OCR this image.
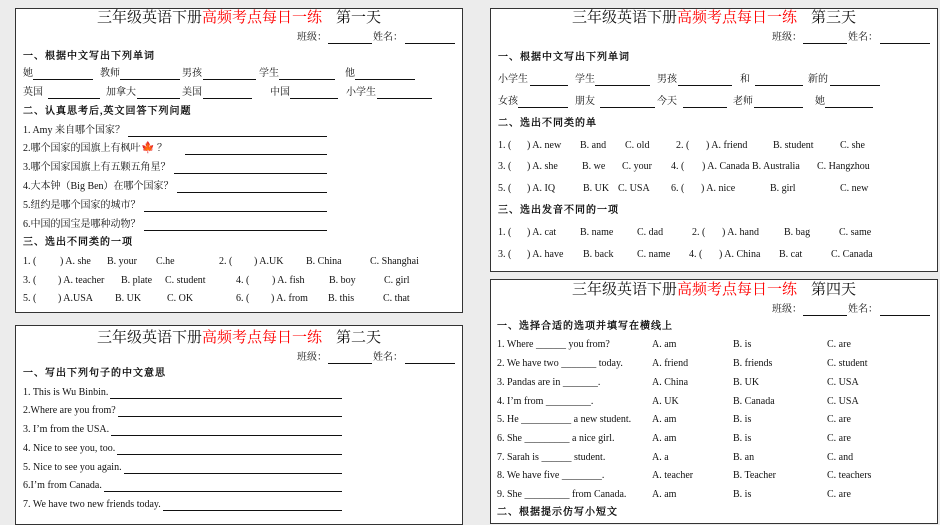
三年级英语下册高频考点每日一练 第一天
班级：	姓名：
一、根据中文写出下列单词
她	教师	男孩	学生	他
英国	加拿大	美国	中国	小学生
二、认真思考后,英文回答下列问题
1. Amy 来自哪个国家？
2.哪个国家的国旗上有枫叶 🍁 ？
3.哪个国家国旗上有五颗五角星？
4.大本钟（Big Ben）在哪个国家？
5.纽约是哪个国家的城市？
6.中国的国宝是哪种动物？
三、选出不同类的一项
1. ( ) A. she B. your C.he	2. ( ) A.UK B. China	C. Shanghai
3. ( ) A. teacher B. plate C. student	4. ( ) A. fish B. boy	C. girl
5. ( ) A.USA B. UK	C. OK	6. ( ) A. from B. this	C. that
三年级英语下册高频考点每日一练 第二天
班级：	姓名：
一、写出下列句子的中文意思
1. This is Wu Binbin.
2.Where are you from?
3. I’m from the USA.
4. Nice to see you, too.
5. Nice to see you again.
6.I’m from Canada.
7. We have two new friends today.
三年级英语下册高频考点每日一练 第三天
班级：	姓名：
一、根据中文写出下列单词
小学生	学生	男孩	和	新的
女孩	朋友	今天	老师	她
二、选出不同类的单
1. ( ) A. new B. and C. old	2. ( ) A. friend	B. student	C. she
3. ( ) A. she B. we C. your 4. ( ) A. Canada B. Australia C. Hangzhou
5. ( ) A. IQ	B. UK C. USA 6. ( ) A. nice	B. girl	C. new
三、选出发音不同的一项
1. ( ) A. cat B. name C. dad	2. ( ) A. hand	B. bag	C. same
3. ( ) A. have B. back C. name 4. ( ) A. China B. cat	C. Canada
三年级英语下册高频考点每日一练 第四天
班级：	姓名：
一、选择合适的选项并填写在横线上
1. Where ______ you from?	A. am	B. is	C. are
2. We have two _______ today.	A. friend	B. friends	C. student
3. Pandas are in _______.	A. China	B. UK	C. USA
4. I’m from _________.	A. UK	B. Canada	C. USA
5. He __________ a new student. A. am	B. is	C. are
6. She _________ a nice girl.	A. am	B. is	C. are
7. Sarah is ______ student.	A. a	B. an	C. and
8. We have five ________.	A. teacher	B. Teacher	C. teachers
9. She _________ from Canada.	A. am	B. is	C. are
二、根据提示仿写小短文
